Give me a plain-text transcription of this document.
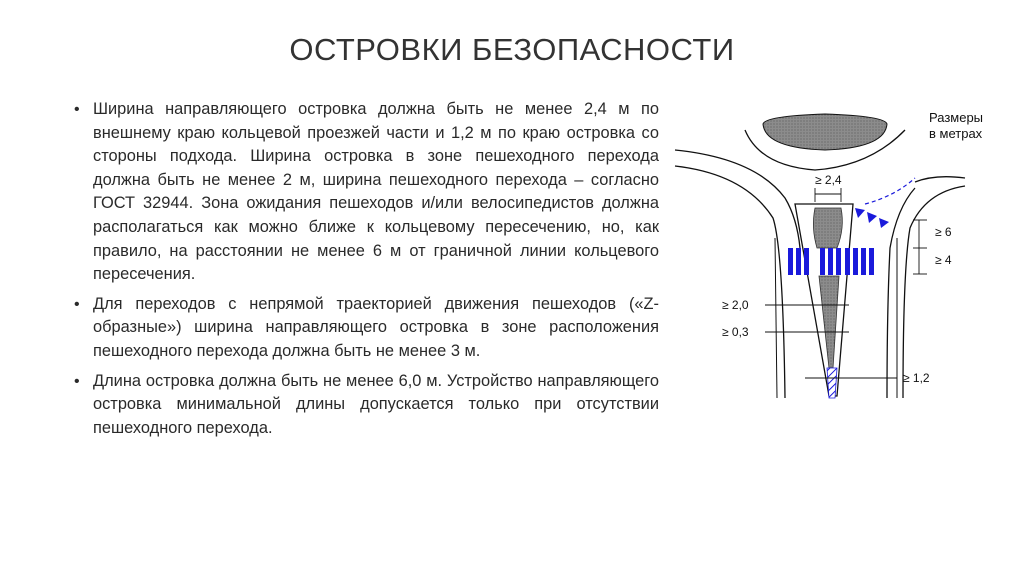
ОСТРОВКИ БЕЗОПАСНОСТИ
• Ширина направляющего островка должна быть не менее 2,4 м по внешнему краю кольцевой проезжей части и 1,2 м по краю островка со стороны подхода. Ширина островка в зоне пешеходного перехода должна быть не менее 2 м, ширина пешеходного перехода – согласно ГОСТ 32944. Зона ожидания пешеходов и/или велосипедистов должна располагаться как можно ближе к кольцевому пересечению, но, как правило, на расстоянии не менее 6 м от граничной линии кольцевого пересечения.
• Для переходов с непрямой траекторией движения пешеходов («Z-образные») ширина направляющего островка в зоне расположения пешеходного перехода должна быть не менее 3 м.
• Длина островка должна быть не менее 6,0 м. Устройство направляющего островка минимальной длины допускается только при отсутствии пешеходного перехода.
Размеры
в метрах
≥ 2,4
≥ 6
≥ 4
≥ 2,0
≥ 0,3
≥ 1,2
